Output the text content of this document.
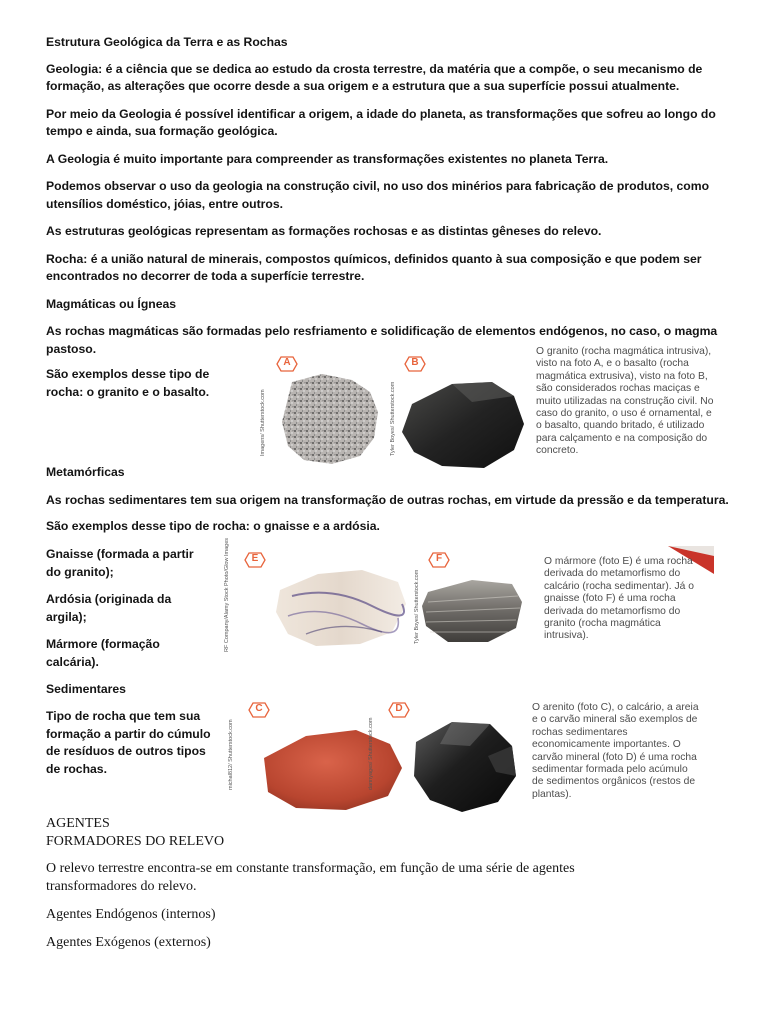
Estrutura Geológica da Terra e as Rochas

Geologia: é a ciência que se dedica ao estudo da crosta terrestre, da matéria que a compõe, o seu mecanismo de formação, as alterações que ocorre desde a sua origem e a estrutura que a sua superfície possui atualmente.

Por meio da Geologia é possível identificar a origem, a idade do planeta, as transformações que sofreu ao longo do tempo e ainda, sua formação geológica.

A Geologia é muito importante para compreender as transformações existentes no planeta Terra.

Podemos observar o uso da geologia na construção civil, no uso dos minérios para fabricação de produtos, como utensílios doméstico, jóias, entre outros.

As estruturas geológicas representam as formações rochosas e as distintas gêneses do relevo.

Rocha: é a união natural de minerais, compostos químicos, definidos quanto à sua composição e que podem ser encontrados no decorrer de toda a superfície terrestre.

Magmáticas ou Ígneas

As rochas magmáticas são formadas pelo resfriamento e solidificação de elementos endógenos, no caso, o magma pastoso.

São exemplos desse tipo de rocha: o granito e o basalto.

A	B
Imagens/ Shutterstock.com	Tyler Boyes/ Shutterstock.com
O granito (rocha magmática intrusiva), visto na foto A, e o basalto (rocha magmática extrusiva), visto na foto B, são considerados rochas maciças e muito utilizadas na construção civil. No caso do granito, o uso é ornamental, e o basalto, quando britado, é utilizado para calçamento e na composição do concreto.

Metamórficas

As rochas sedimentares tem sua origem na transformação de outras rochas, em virtude da pressão e da temperatura.

São exemplos desse tipo de rocha: o gnaisse e a ardósia.

Gnaisse (formada a partir do granito);

Ardósia (originada da argila);

Mármore (formação calcária).

E	F
RF Company/Alamy Stock Photo/Glow Images	Tyler Boyes/ Shutterstock.com
O mármore (foto E) é uma rocha derivada do metamorfismo do calcário (rocha sedimentar). Já o gnaisse (foto F) é uma rocha derivada do metamorfismo do granito (rocha magmática intrusiva).

Sedimentares

Tipo de rocha que tem sua formação a partir do cúmulo de resíduos de outros tipos de rochas.

C	D
michal812/ Shutterstock.com	dannyages/ Shutterstock.com
O arenito (foto C), o calcário, a areia e o carvão mineral são exemplos de rochas sedimentares economicamente importantes. O carvão mineral (foto D) é uma rocha sedimentar formada pelo acúmulo de sedimentos orgânicos (restos de plantas).
AGENTES
FORMADORES DO RELEVO

O relevo terrestre encontra-se em constante transformação, em função de uma série de agentes transformadores do relevo.

Agentes Endógenos (internos)

Agentes Exógenos (externos)
